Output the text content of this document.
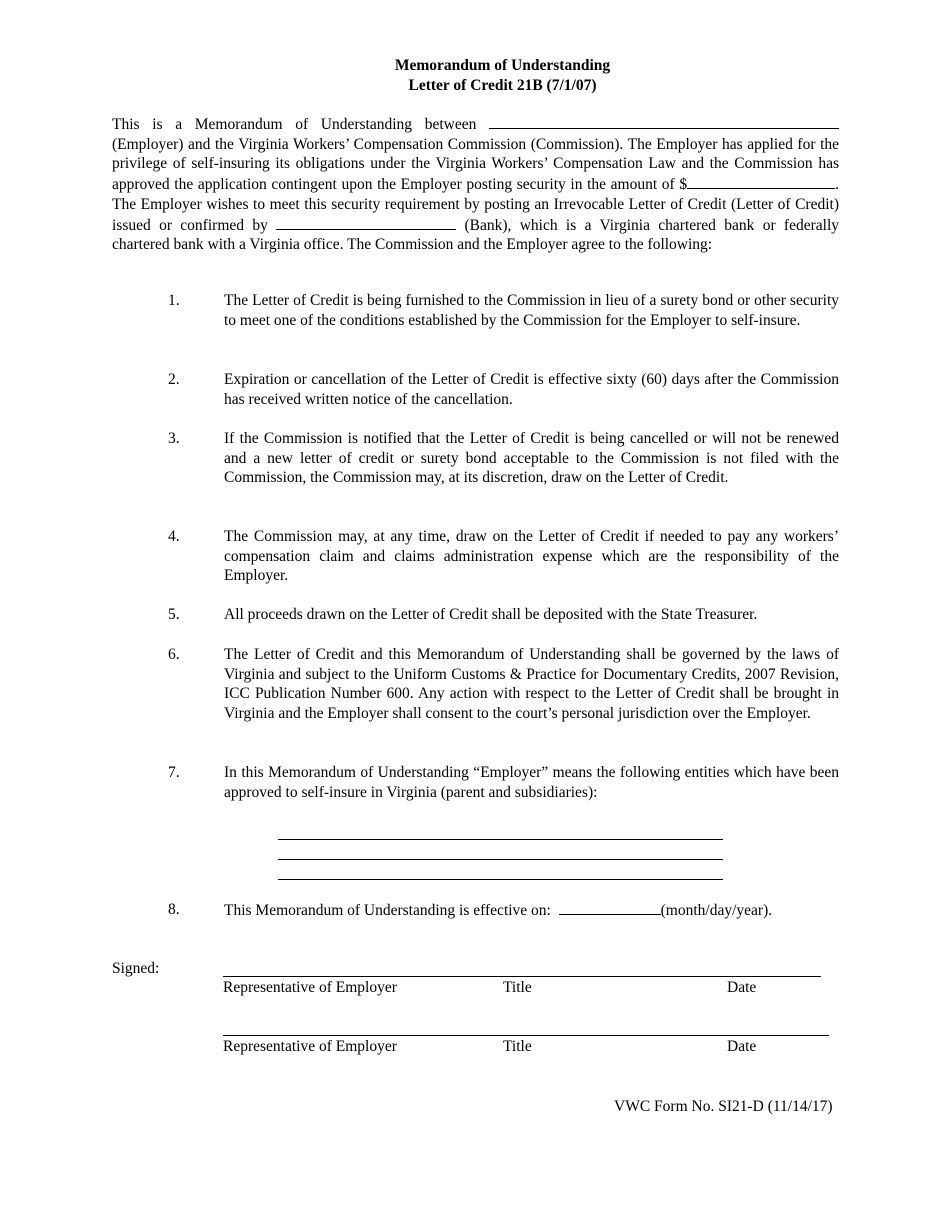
Memorandum of Understanding
Letter of Credit 21B (7/1/07)

This is a Memorandum of Understanding between  (Employer) and the Virginia Workers’ Compensation Commission (Commission). The Employer has applied for the privilege of self-insuring its obligations under the Virginia Workers’ Compensation Law and the Commission has approved the application contingent upon the Employer posting security in the amount of $	. The Employer wishes to meet this security requirement by posting an Irrevocable Letter of Credit (Letter of Credit) issued or confirmed by	(Bank), which is a Virginia chartered bank or federally chartered bank with a Virginia office. The Commission and the Employer agree to the following:

1.	The Letter of Credit is being furnished to the Commission in lieu of a surety bond or other security to meet one of the conditions established by the Commission for the Employer to self-insure.

2.	Expiration or cancellation of the Letter of Credit is effective sixty (60) days after the Commission has received written notice of the cancellation.

3.	If the Commission is notified that the Letter of Credit is being cancelled or will not be renewed and a new letter of credit or surety bond acceptable to the Commission is not filed with the Commission, the Commission may, at its discretion, draw on the Letter of Credit.

4.	The Commission may, at any time, draw on the Letter of Credit if needed to pay any workers’ compensation claim and claims administration expense which are the responsibility of the Employer.

5.	All proceeds drawn on the Letter of Credit shall be deposited with the State Treasurer.

6.	The Letter of Credit and this Memorandum of Understanding shall be governed by the laws of Virginia and subject to the Uniform Customs & Practice for Documentary Credits, 2007 Revision, ICC Publication Number 600. Any action with respect to the Letter of Credit shall be brought in Virginia and the Employer shall consent to the court’s personal jurisdiction over the Employer.

7.	In this Memorandum of Understanding “Employer” means the following entities which have been approved to self-insure in Virginia (parent and subsidiaries):

8.	This Memorandum of Understanding is effective on:	(month/day/year).

Signed:
Representative of Employer	Title	Date
Representative of Employer	Title	Date
VWC Form No. SI21-D (11/14/17)
